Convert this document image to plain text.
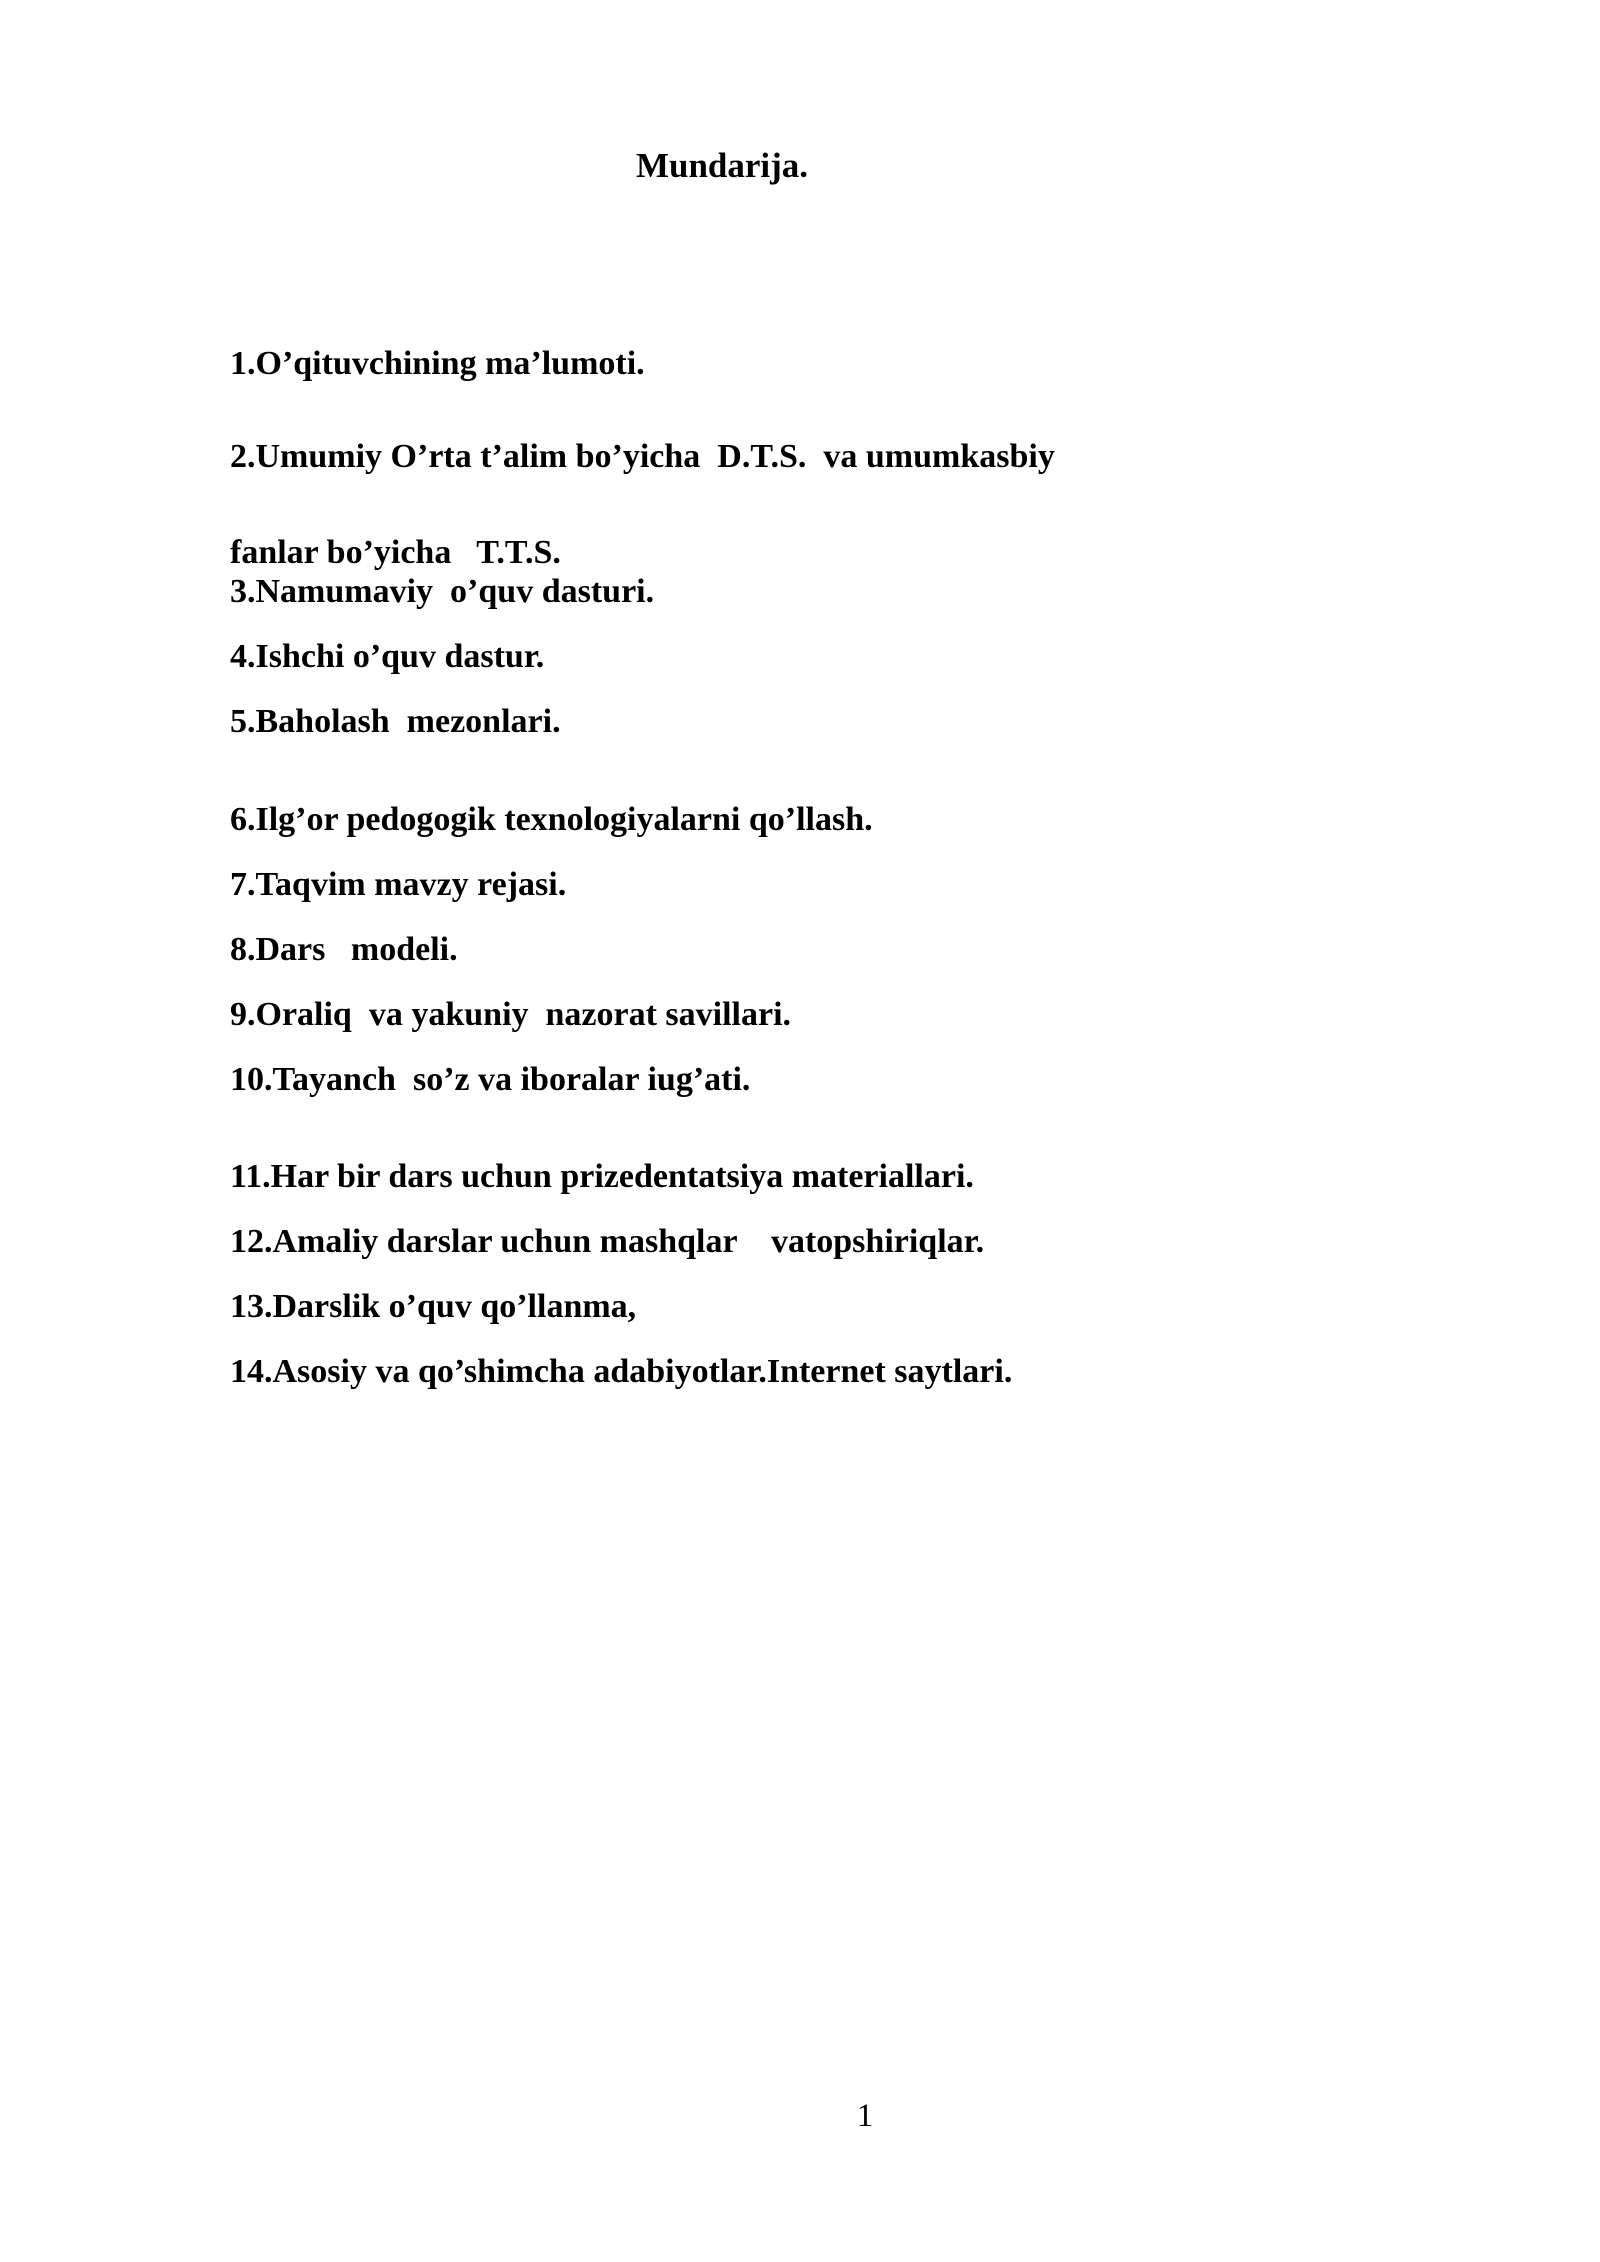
Mundarija.

1.O’qituvchining ma’lumoti.

2.Umumiy O’rta t’alim bo’yicha  D.T.S.  va umumkasbiy

fanlar bo’yicha   T.T.S.

3.Namumaviy  o’quv dasturi.

4.Ishchi o’quv dastur.

5.Baholash  mezonlari.

6.Ilg’or pedogogik texnologiyalarni qo’llash.

7.Taqvim mavzy rejasi.

8.Dars   modeli.

9.Oraliq  va yakuniy  nazorat savillari.

10.Tayanch  so’z va iboralar iug’ati.

11.Har bir dars uchun prizedentatsiya materiallari.

12.Amaliy darslar uchun mashqlar    vatopshiriqlar.

13.Darslik o’quv qo’llanma,

14.Asosiy va qo’shimcha adabiyotlar.Internet saytlari.

1
